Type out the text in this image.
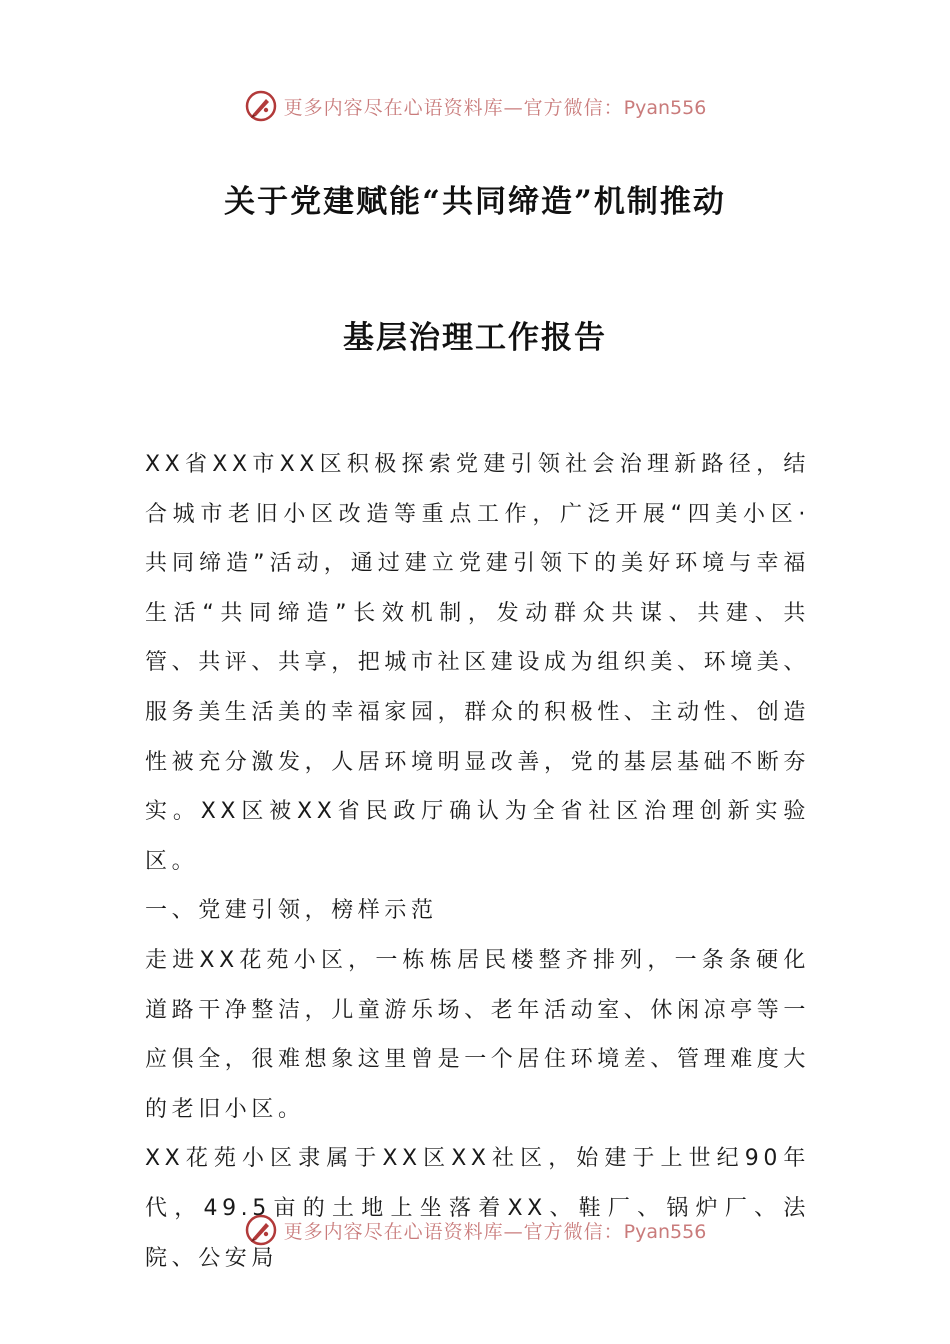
更多内容尽在心语资料库—官方微信：Pyan556
关于党建赋能“共同缔造”机制推动
基层治理工作报告

XX省XX市XX区积极探索党建引领社会治理新路径，结合城市老旧小区改造等重点工作，广泛开展“四美小区·共同缔造”活动，通过建立党建引领下的美好环境与幸福生活“共同缔造”长效机制，发动群众共谋、共建、共管、共评、共享，把城市社区建设成为组织美、环境美、服务美生活美的幸福家园，群众的积极性、主动性、创造性被充分激发，人居环境明显改善，党的基层基础不断夯实。XX区被XX省民政厅确认为全省社区治理创新实验区。

一、党建引领，榜样示范

走进XX花苑小区，一栋栋居民楼整齐排列，一条条硬化道路干净整洁，儿童游乐场、老年活动室、休闲凉亭等一应俱全，很难想象这里曾是一个居住环境差、管理难度大的老旧小区。

XX花苑小区隶属于XX区XX社区，始建于上世纪90年代，49.5亩的土地上坐落着XX、鞋厂、锅炉厂、法院、公安局

更多内容尽在心语资料库—官方微信：Pyan556
